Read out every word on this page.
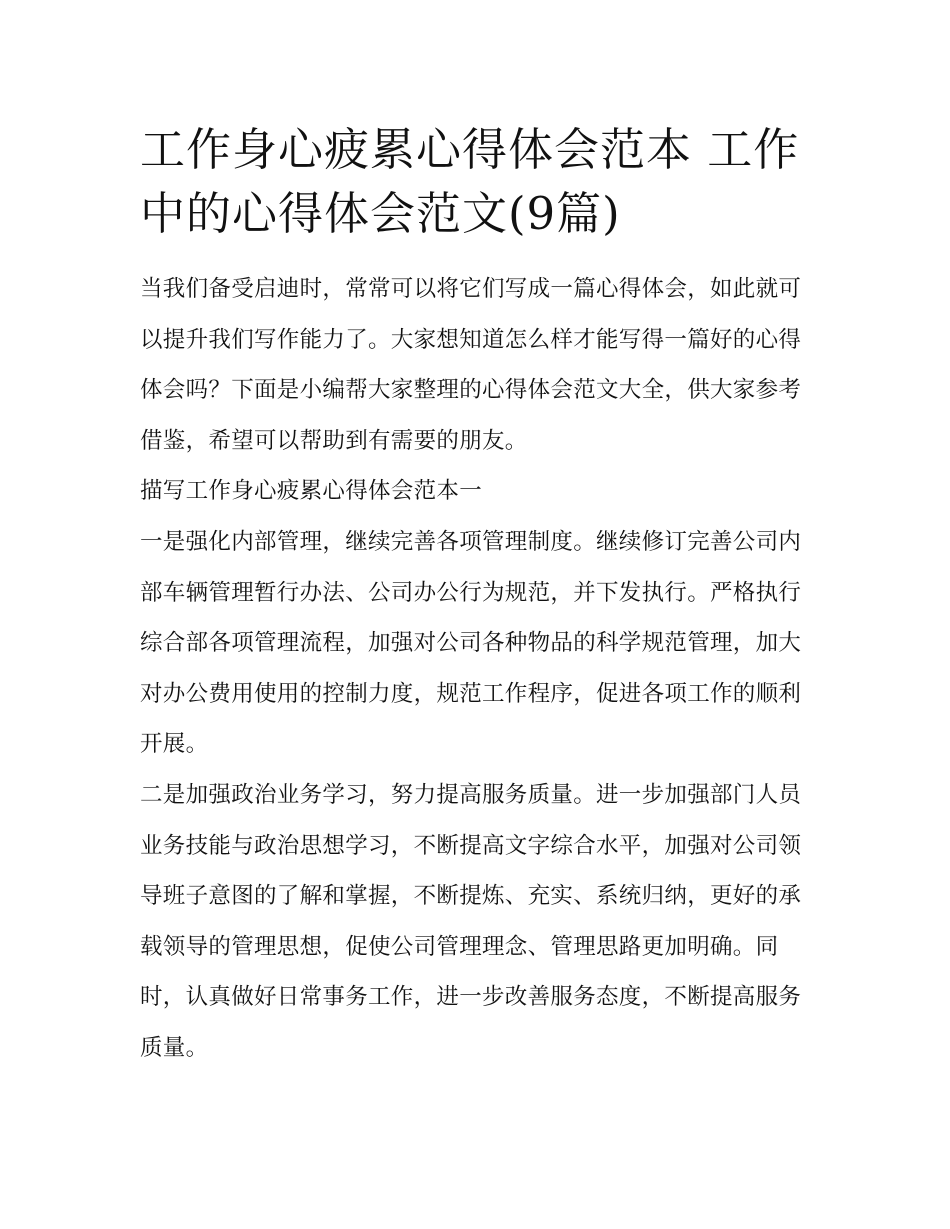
工作身心疲累心得体会范本 工作中的心得体会范文(9篇)

当我们备受启迪时，常常可以将它们写成一篇心得体会，如此就可以提升我们写作能力了。大家想知道怎么样才能写得一篇好的心得体会吗？下面是小编帮大家整理的心得体会范文大全，供大家参考借鉴，希望可以帮助到有需要的朋友。

描写工作身心疲累心得体会范本一

一是强化内部管理，继续完善各项管理制度。继续修订完善公司内部车辆管理暂行办法、公司办公行为规范，并下发执行。严格执行综合部各项管理流程，加强对公司各种物品的科学规范管理，加大对办公费用使用的控制力度，规范工作程序，促进各项工作的顺利开展。

二是加强政治业务学习，努力提高服务质量。进一步加强部门人员业务技能与政治思想学习，不断提高文字综合水平，加强对公司领导班子意图的了解和掌握，不断提炼、充实、系统归纳，更好的承载领导的管理思想，促使公司管理理念、管理思路更加明确。同时，认真做好日常事务工作，进一步改善服务态度，不断提高服务质量。
